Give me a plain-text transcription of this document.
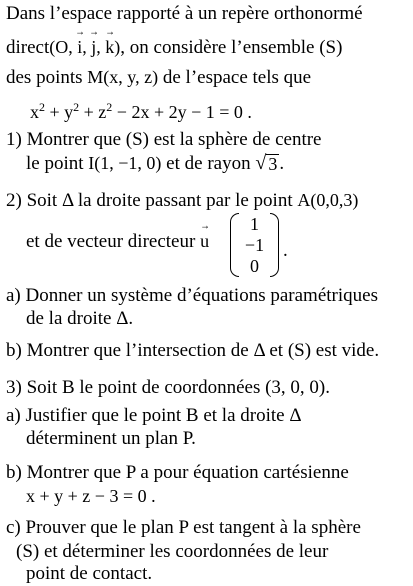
Dans l’espace rapporté à un repère orthonormé
direct(O, → i, → j, → k), on considère l’ensemble (S)
des points M(x, y, z) de l’espace tels que
$x^2 + y^2 + z^2 - 2x + 2y - 1 = 0$ .
1) Montrer que (S) est la sphère de centre
le point I(1, −1, 0) et de rayon √ 3 .
2) Soit Δ la droite passant par le point A(0,0,3)
et de vecteur directeur → u
1
−1
0
.
a) Donner un système d’équations paramétriques
de la droite Δ.
b) Montrer que l’intersection de Δ et (S) est vide.
3) Soit B le point de coordonnées (3, 0, 0).
a) Justifier que le point B et la droite Δ
déterminent un plan P.
b) Montrer que P a pour équation cartésienne
x + y + z − 3 = 0 .
c) Prouver que le plan P est tangent à la sphère
(S) et déterminer les coordonnées de leur
point de contact.
